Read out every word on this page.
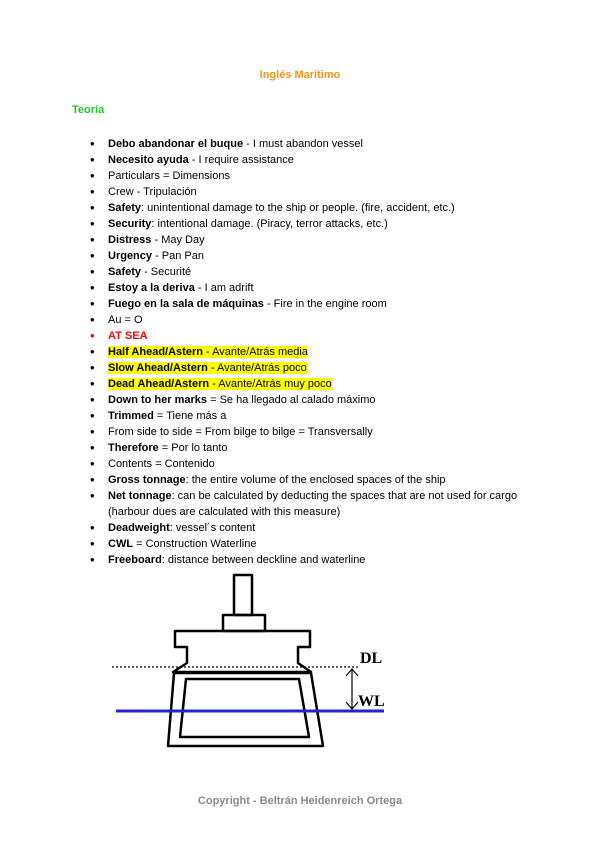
Inglés Marítimo
Teoría
• Debo abandonar el buque - I must abandon vessel
• Necesito ayuda - I require assistance
• Particulars = Dimensions
• Crew - Tripulación
• Safety: unintentional damage to the ship or people. (fire, accident, etc.)
• Security: intentional damage. (Piracy, terror attacks, etc.)
• Distress - May Day
• Urgency - Pan Pan
• Safety - Securité
• Estoy a la deriva - I am adrift
• Fuego en la sala de máquinas - Fire in the engine room
• Au = O
• AT SEA
• Half Ahead/Astern - Avante/Atrás media
• Slow Ahead/Astern - Avante/Atrás poco
• Dead Ahead/Astern - Avante/Atrás muy poco
• Down to her marks = Se ha llegado al calado máximo
• Trimmed = Tiene más a
• From side to side = From bilge to bilge = Transversally
• Therefore = Por lo tanto
• Contents = Contenido
• Gross tonnage: the entire volume of the enclosed spaces of the ship
• Net tonnage: can be calculated by deducting the spaces that are not used for cargo (harbour dues are calculated with this measure)
• Deadweight: vessel´s content
• CWL = Construction Waterline
• Freeboard: distance between deckline and waterline
DL
WL
Copyright - Beltrán Heidenreich Ortega
